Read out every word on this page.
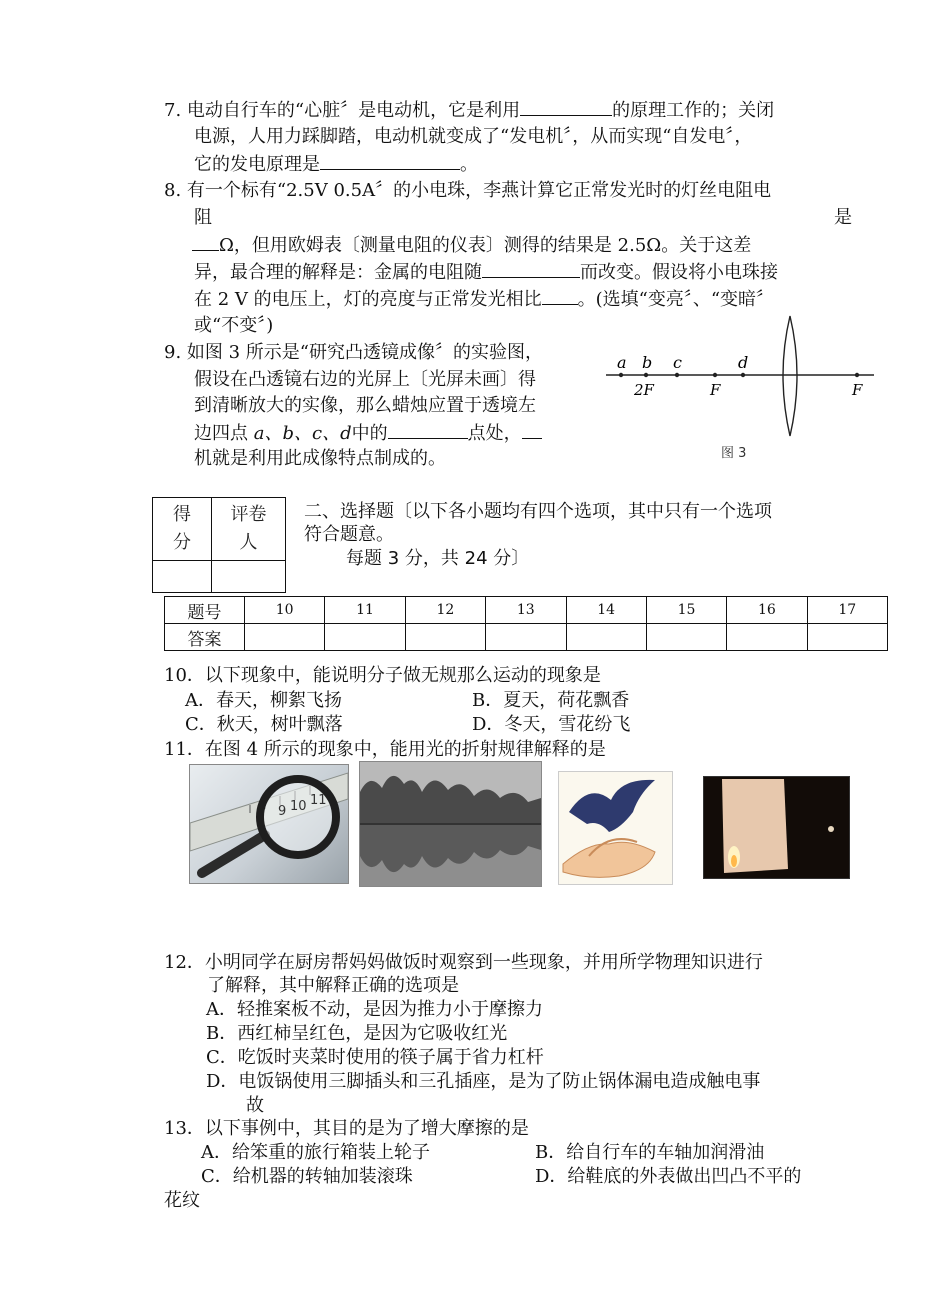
7. 电动自行车的“心脏〞是电动机，它是利用	的原理工作的；关闭
电源，人用力踩脚踏，电动机就变成了“发电机〞，从而实现“自发电〞，
它的发电原理是	。
8. 有一个标有“2.5V 0.5A〞的小电珠，李燕计算它正常发光时的灯丝电阻电
阻	是
Ω，但用欧姆表〔测量电阻的仪表〕测得的结果是 2.5Ω。关于这差
异，最合理的解释是：金属的电阻随	而改变。假设将小电珠接
在 2 V 的电压上，灯的亮度与正常发光相比 。(选填“变亮〞、“变暗〞
或“不变〞)
9. 如图 3 所示是“研究凸透镜成像〞的实验图，
假设在凸透镜右边的光屏上〔光屏未画〕得
到清晰放大的实像，那么蜡烛应置于透境左
边四点 a、b、c、d中的	点处，
机就是利用此成像特点制成的。
a b c	d
2F	F	F
图 3
得分	评卷人

二、选择题〔以下各小题均有四个选项，其中只有一个选项
符合题意。
每题 3 分，共 24 分〕
题号	10	11	12	13	14	15	16	17
答案								
10．以下现象中，能说明分子做无规那么运动的现象是
A．春天，柳絮飞扬	B．夏天，荷花飘香
C．秋天，树叶飘落	D．冬天，雪花纷飞
11．在图 4 所示的现象中，能用光的折射规律解释的是
9 10 11
12．小明同学在厨房帮妈妈做饭时观察到一些现象，并用所学物理知识进行
了解释，其中解释正确的选项是
A．轻推案板不动，是因为推力小于摩擦力
B．西红柿呈红色，是因为它吸收红光
C．吃饭时夹菜时使用的筷子属于省力杠杆
D．电饭锅使用三脚插头和三孔插座，是为了防止锅体漏电造成触电事
故
13．以下事例中，其目的是为了增大摩擦的是
A．给笨重的旅行箱装上轮子	B．给自行车的车轴加润滑油
C．给机器的转轴加装滚珠	D．给鞋底的外表做出凹凸不平的
花纹
